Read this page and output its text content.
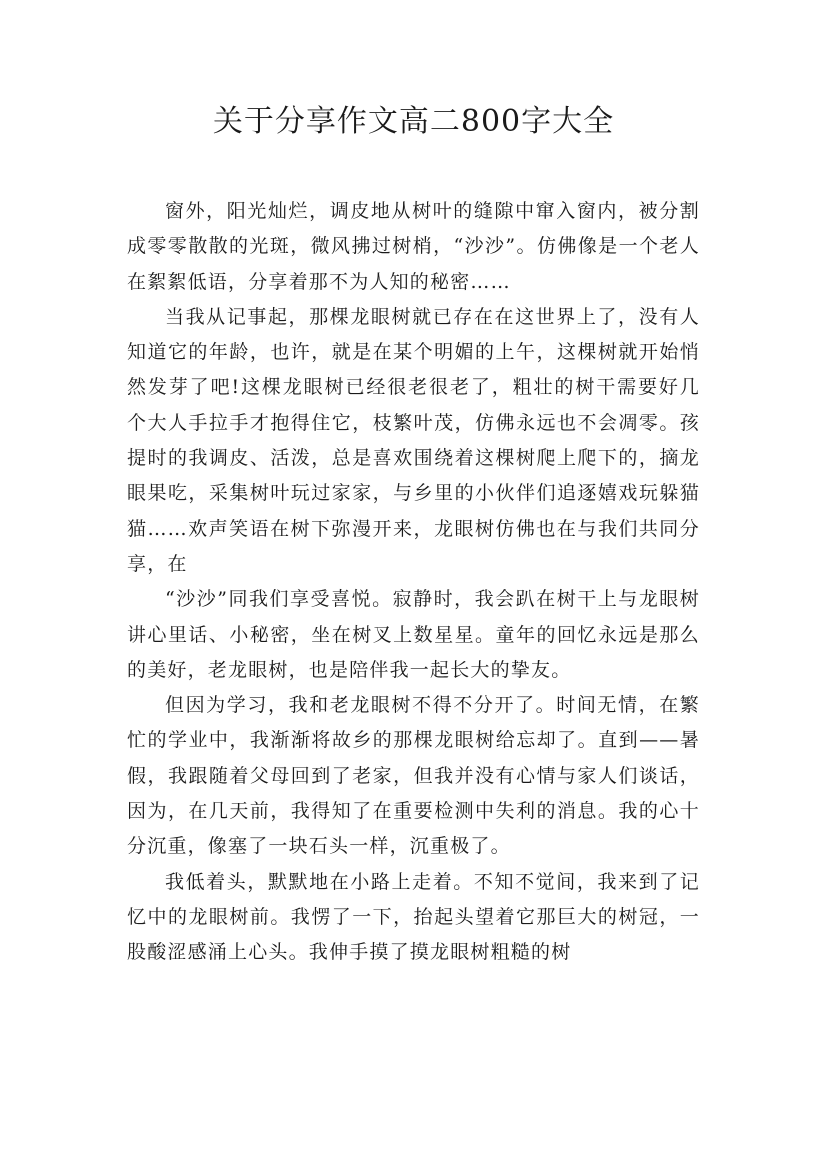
关于分享作文高二800字大全

窗外，阳光灿烂，调皮地从树叶的缝隙中窜入窗内，被分割成零零散散的光斑，微风拂过树梢，“沙沙”。仿佛像是一个老人在絮絮低语，分享着那不为人知的秘密……

当我从记事起，那棵龙眼树就已存在在这世界上了，没有人知道它的年龄，也许，就是在某个明媚的上午，这棵树就开始悄然发芽了吧!这棵龙眼树已经很老很老了，粗壮的树干需要好几个大人手拉手才抱得住它，枝繁叶茂，仿佛永远也不会凋零。孩提时的我调皮、活泼，总是喜欢围绕着这棵树爬上爬下的，摘龙眼果吃，采集树叶玩过家家，与乡里的小伙伴们追逐嬉戏玩躲猫猫……欢声笑语在树下弥漫开来，龙眼树仿佛也在与我们共同分享，在

“沙沙”同我们享受喜悦。寂静时，我会趴在树干上与龙眼树讲心里话、小秘密，坐在树叉上数星星。童年的回忆永远是那么的美好，老龙眼树，也是陪伴我一起长大的挚友。

但因为学习，我和老龙眼树不得不分开了。时间无情，在繁忙的学业中，我渐渐将故乡的那棵龙眼树给忘却了。直到——暑假，我跟随着父母回到了老家，但我并没有心情与家人们谈话，因为，在几天前，我得知了在重要检测中失利的消息。我的心十分沉重，像塞了一块石头一样，沉重极了。

我低着头，默默地在小路上走着。不知不觉间，我来到了记忆中的龙眼树前。我愣了一下，抬起头望着它那巨大的树冠，一股酸涩感涌上心头。我伸手摸了摸龙眼树粗糙的树
